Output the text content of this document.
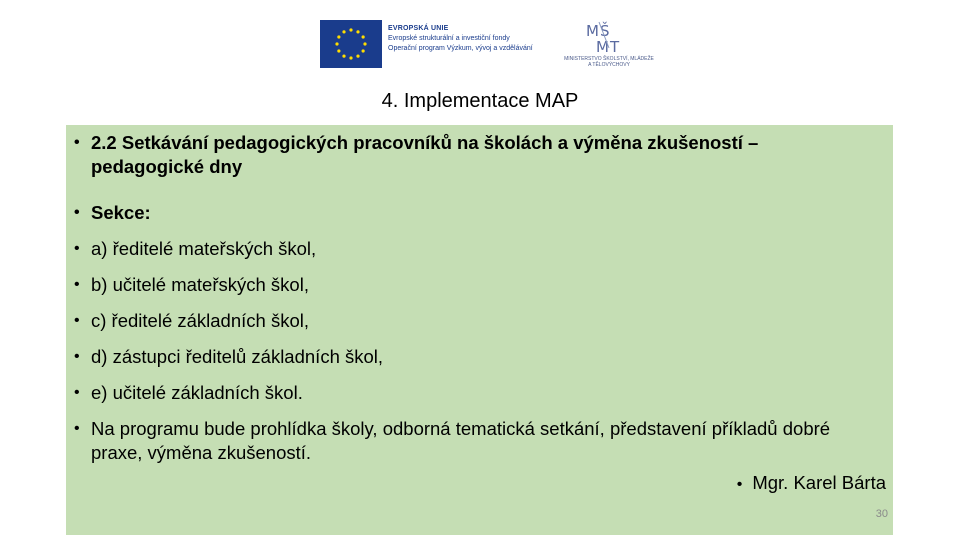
EVROPSKÁ UNIE
Evropské strukturální a investiční fondy
Operační program Výzkum, vývoj a vzdělávání
MŠ
MT
MINISTERSTVO ŠKOLSTVÍ, MLÁDEŽE A TĚLOVÝCHOVY
4. Implementace MAP
• 2.2 Setkávání pedagogických pracovníků na školách a výměna zkušeností – pedagogické dny
• Sekce:
• a) ředitelé mateřských škol,
• b) učitelé mateřských škol,
• c) ředitelé základních škol,
• d) zástupci ředitelů základních škol,
• e) učitelé základních škol.
• Na programu bude prohlídka školy, odborná tematická setkání, představení příkladů dobré praxe, výměna zkušeností.
• Mgr. Karel Bárta
30
